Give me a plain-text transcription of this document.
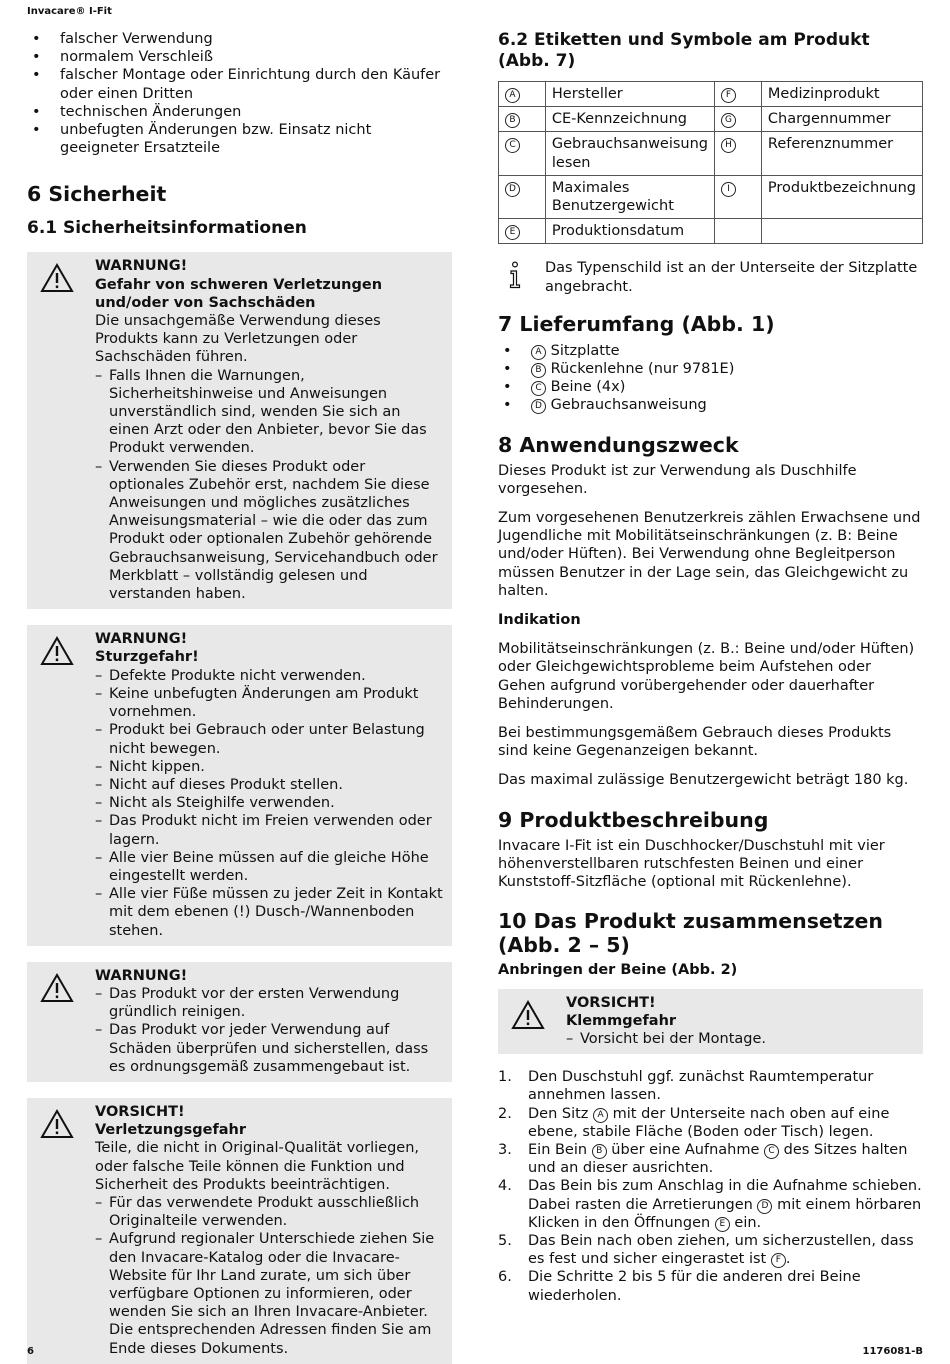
Invacare® I-Fit
• falscher Verwendung
• normalem Verschleiß
• falscher Montage oder Einrichtung durch den Käufer oder einen Dritten
• technischen Änderungen
• unbefugten Änderungen bzw. Einsatz nicht geeigneter Ersatzteile
6 Sicherheit
6.1 Sicherheitsinformationen
WARNUNG!
Gefahr von schweren Verletzungen und/oder von Sachschäden

Die unsachgemäße Verwendung dieses Produkts kann zu Verletzungen oder Sachschäden führen.

– Falls Ihnen die Warnungen, Sicherheitshinweise und Anweisungen unverständlich sind, wenden Sie sich an einen Arzt oder den Anbieter, bevor Sie das Produkt verwenden.
– Verwenden Sie dieses Produkt oder optionales Zubehör erst, nachdem Sie diese Anweisungen und mögliches zusätzliches Anweisungsmaterial – wie die oder das zum Produkt oder optionalen Zubehör gehörende Gebrauchsanweisung, Servicehandbuch oder Merkblatt – vollständig gelesen und verstanden haben.
WARNUNG!
Sturzgefahr!
– Defekte Produkte nicht verwenden.
– Keine unbefugten Änderungen am Produkt vornehmen.
– Produkt bei Gebrauch oder unter Belastung nicht bewegen.
– Nicht kippen.
– Nicht auf dieses Produkt stellen.
– Nicht als Steighilfe verwenden.
– Das Produkt nicht im Freien verwenden oder lagern.
– Alle vier Beine müssen auf die gleiche Höhe eingestellt werden.
– Alle vier Füße müssen zu jeder Zeit in Kontakt mit dem ebenen (!) Dusch-/Wannenboden stehen.
WARNUNG!
– Das Produkt vor der ersten Verwendung gründlich reinigen.
– Das Produkt vor jeder Verwendung auf Schäden überprüfen und sicherstellen, dass es ordnungsgemäß zusammengebaut ist.
VORSICHT!
Verletzungsgefahr

Teile, die nicht in Original-Qualität vorliegen, oder falsche Teile können die Funktion und Sicherheit des Produkts beeinträchtigen.

– Für das verwendete Produkt ausschließlich Originalteile verwenden.
– Aufgrund regionaler Unterschiede ziehen Sie den Invacare-Katalog oder die Invacare-Website für Ihr Land zurate, um sich über verfügbare Optionen zu informieren, oder wenden Sie sich an Ihren Invacare-Anbieter. Die entsprechenden Adressen finden Sie am Ende dieses Dokuments.
6.2 Etiketten und Symbole am Produkt (Abb. 7)
A	Hersteller	F	Medizinprodukt
B	CE-Kennzeichnung	G	Chargennummer
C	Gebrauchsanweisung lesen	H	Referenznummer
D	Maximales Benutzergewicht	I	Produktbezeichnung
E	Produktionsdatum		

Das Typenschild ist an der Unterseite der Sitzplatte angebracht.

7 Lieferumfang (Abb. 1)
• A Sitzplatte
• B Rückenlehne (nur 9781E)
• C Beine (4x)
• D Gebrauchsanweisung
8 Anwendungszweck

Dieses Produkt ist zur Verwendung als Duschhilfe vorgesehen.

Zum vorgesehenen Benutzerkreis zählen Erwachsene und Jugendliche mit Mobilitätseinschränkungen (z. B: Beine und/oder Hüften). Bei Verwendung ohne Begleitperson müssen Benutzer in der Lage sein, das Gleichgewicht zu halten.

Indikation

Mobilitätseinschränkungen (z. B.: Beine und/oder Hüften) oder Gleichgewichtsprobleme beim Aufstehen oder Gehen aufgrund vorübergehender oder dauerhafter Behinderungen.

Bei bestimmungsgemäßem Gebrauch dieses Produkts sind keine Gegenanzeigen bekannt.

Das maximal zulässige Benutzergewicht beträgt 180 kg.

9 Produktbeschreibung

Invacare I-Fit ist ein Duschhocker/Duschstuhl mit vier höhenverstellbaren rutschfesten Beinen und einer Kunststoff-Sitzfläche (optional mit Rückenlehne).

10 Das Produkt zusammensetzen (Abb. 2 – 5)

Anbringen der Beine (Abb. 2)

VORSICHT!
Klemmgefahr
– Vorsicht bei der Montage.
1. Den Duschstuhl ggf. zunächst Raumtemperatur annehmen lassen.
2. Den Sitz A mit der Unterseite nach oben auf eine ebene, stabile Fläche (Boden oder Tisch) legen.
3. Ein Bein B über eine Aufnahme C des Sitzes halten und an dieser ausrichten.
4. Das Bein bis zum Anschlag in die Aufnahme schieben. Dabei rasten die Arretierungen D mit einem hörbaren Klicken in den Öffnungen E ein.
5. Das Bein nach oben ziehen, um sicherzustellen, dass es fest und sicher eingerastet ist F .
6. Die Schritte 2 bis 5 für die anderen drei Beine wiederholen.
6	1176081-B
